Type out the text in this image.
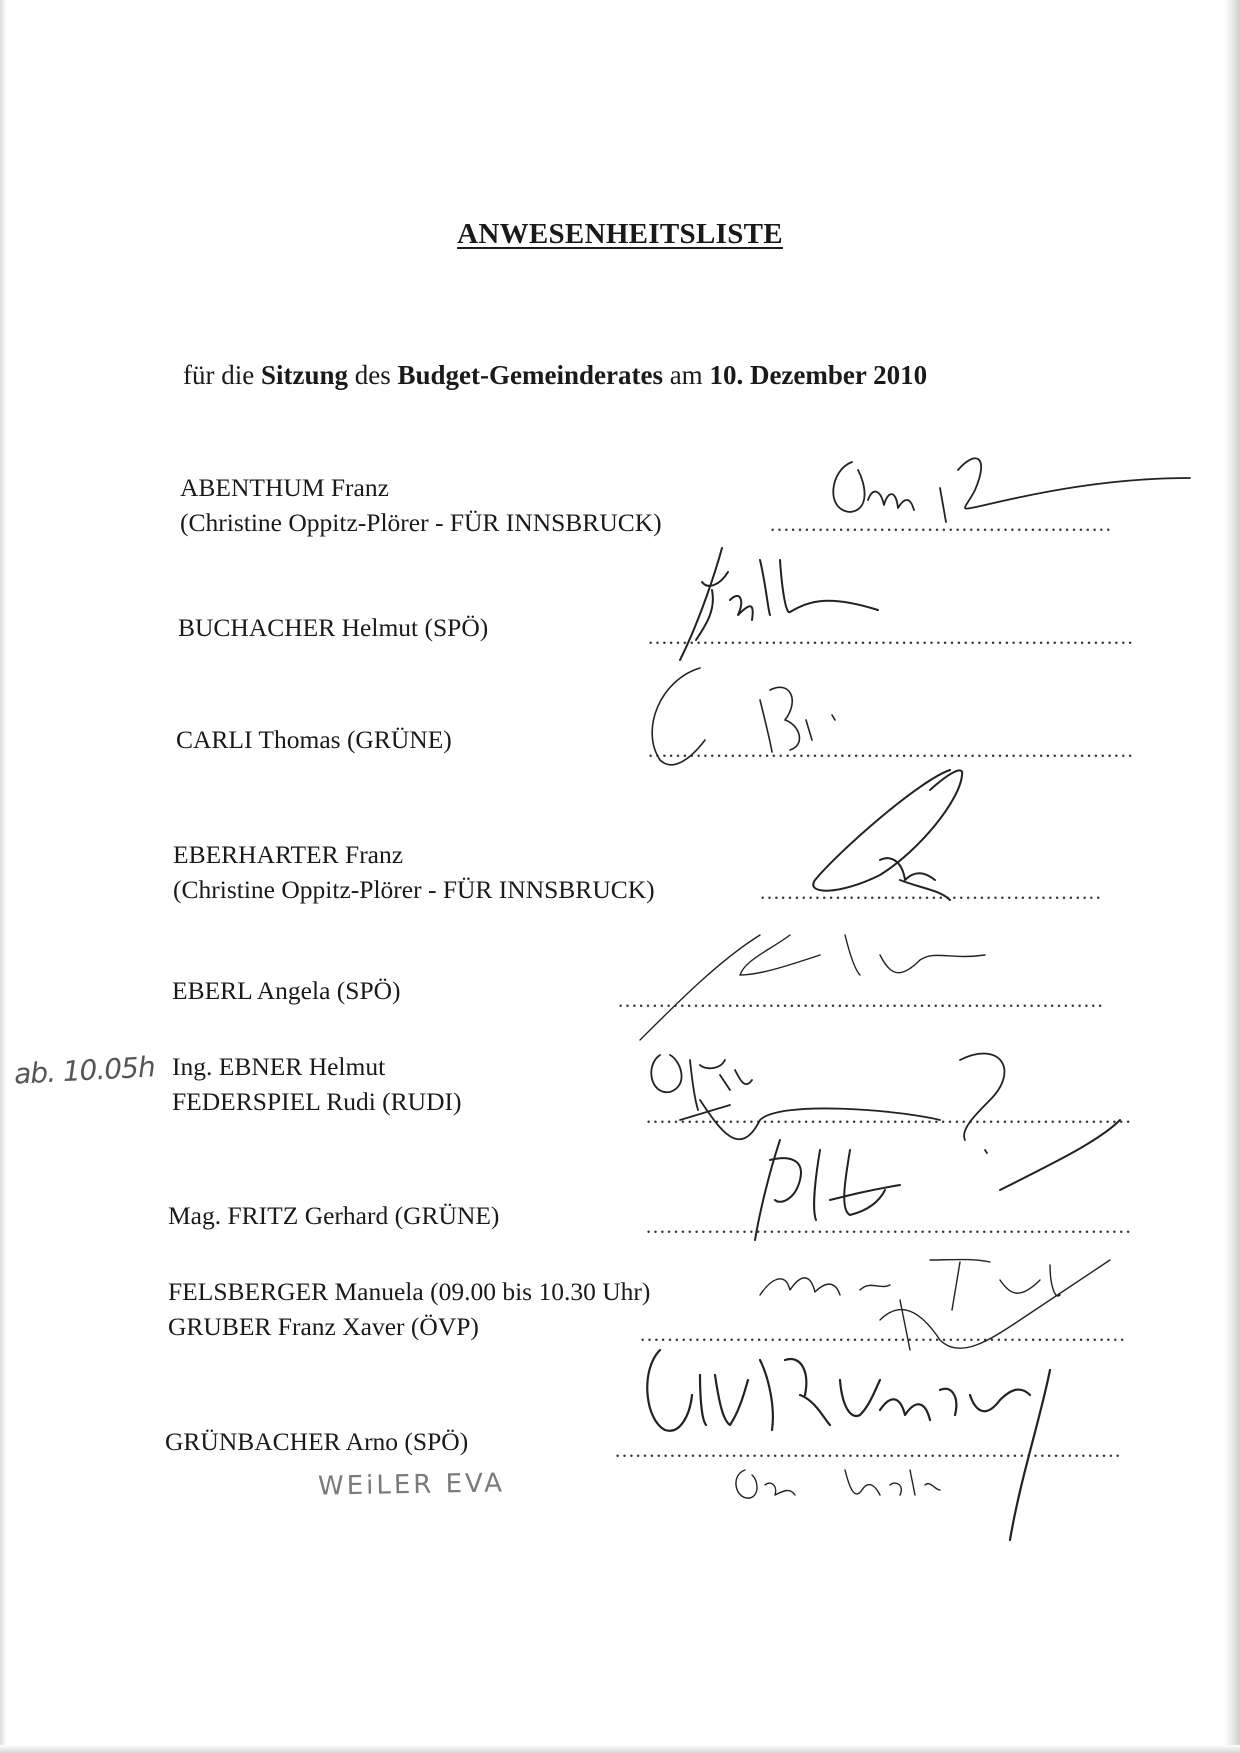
ANWESENHEITSLISTE
für die Sitzung des Budget-Gemeinderates am 10. Dezember 2010
ABENTHUM Franz
(Christine Oppitz-Plörer - FÜR INNSBRUCK)	..................................................
BUCHACHER Helmut (SPÖ)	.......................................................................
CARLI Thomas (GRÜNE)	.......................................................................
EBERHARTER Franz
(Christine Oppitz-Plörer - FÜR INNSBRUCK)	..................................................
EBERL Angela (SPÖ)	.......................................................................
Ing. EBNER Helmut
FEDERSPIEL Rudi (RUDI)	.......................................................................
Mag. FRITZ Gerhard (GRÜNE)	.......................................................................
FELSBERGER Manuela (09.00 bis 10.30 Uhr)
GRUBER Franz Xaver (ÖVP)	.......................................................................
GRÜNBACHER Arno (SPÖ)	..........................................................................
ab. 10.05h
WEiLER EVA
